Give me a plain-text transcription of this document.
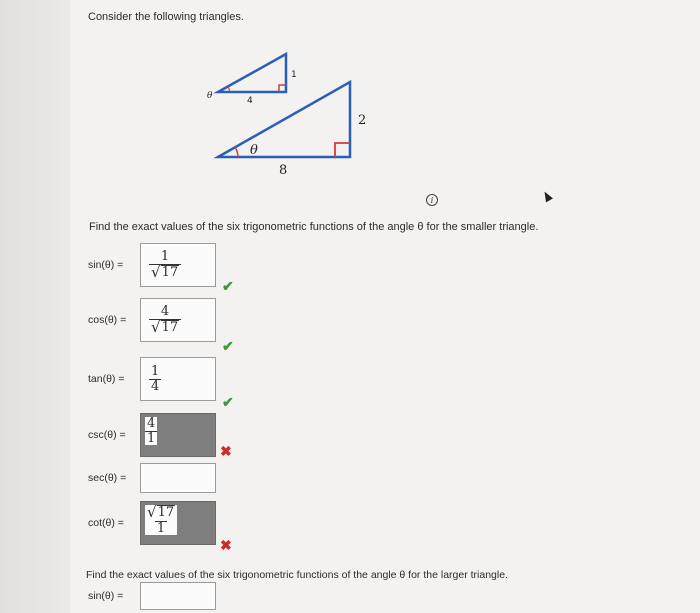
Consider the following triangles.
θ	4
1
θ
8
2
i
Find the exact values of the six trigonometric functions of the angle θ for the smaller triangle.
sin(θ) =	$\frac{1}{√ 17}$
✔
cos(θ) =	$\frac{4}{√ 17}$
✔
tan(θ) =	$\frac{1}{4}$
✔
csc(θ) =	$\frac{4}{1}$
✖
sec(θ) =
cot(θ) =	$\frac{√ 17}{1}$
✖
Find the exact values of the six trigonometric functions of the angle θ for the larger triangle.
sin(θ) =
